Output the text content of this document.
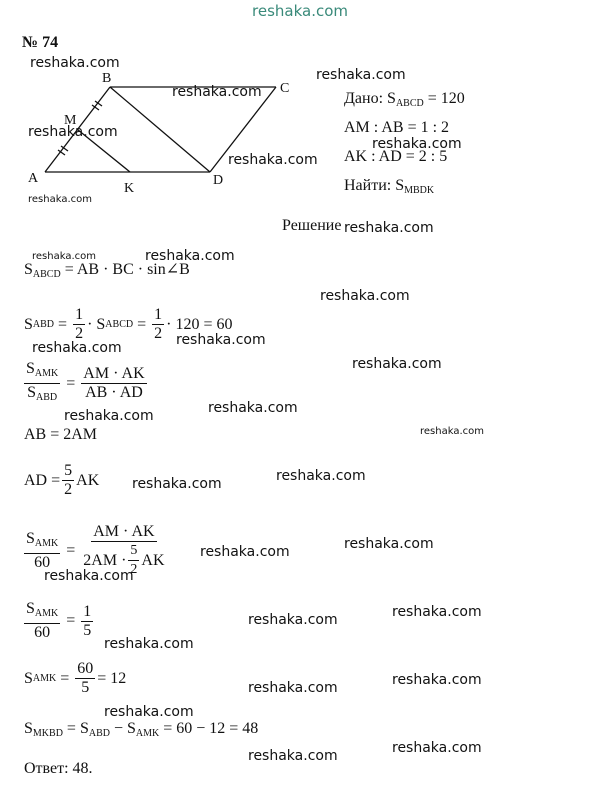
reshaka.com
№ 74
A
B
C
D
M
K
Дано: $S_{ABCD} = 120$
AM : AB = 1 : 2
AK : AD = 2 : 5
Найти: $S_{MBDK}$
Решение
$S_{ABCD}$ = AB · BC · sin∠B
S ABD = $\frac{1}{2} \cdot S$ ABCD = $\frac{1}{2} \cdot 120 = 60$
$\frac{S_{AMK}}{S_{ABD}} = \frac{AM \cdot AK}{AB \cdot AD}$
AB = 2AM
AD = $\frac{5}{2}$ AK
$\frac{S_{AMK}}{60} = \frac{AM \cdot AK}{2AM \cdot \frac{5}{2} AK}$
$\frac{S_{AMK}}{60} = \frac{1}{5}$
S AMK = $\frac{60}{5} = 12$
$S_{MKBD} = S_{ABD} - S_{AMK} = 60 - 12 = 48$
Ответ: 48.
reshaka.com
reshaka.com
reshaka.com
reshaka.com
reshaka.com
reshaka.com
reshaka.com
reshaka.com
reshaka.com	reshaka.com
reshaka.com
reshaka.com
reshaka.com
reshaka.com
reshaka.com
reshaka.com
reshaka.com
reshaka.com
reshaka.com
reshaka.com
reshaka.com
reshaka.com
reshaka.com
reshaka.com
reshaka.com
reshaka.com
reshaka.com
reshaka.com
reshaka.com
reshaka.com
